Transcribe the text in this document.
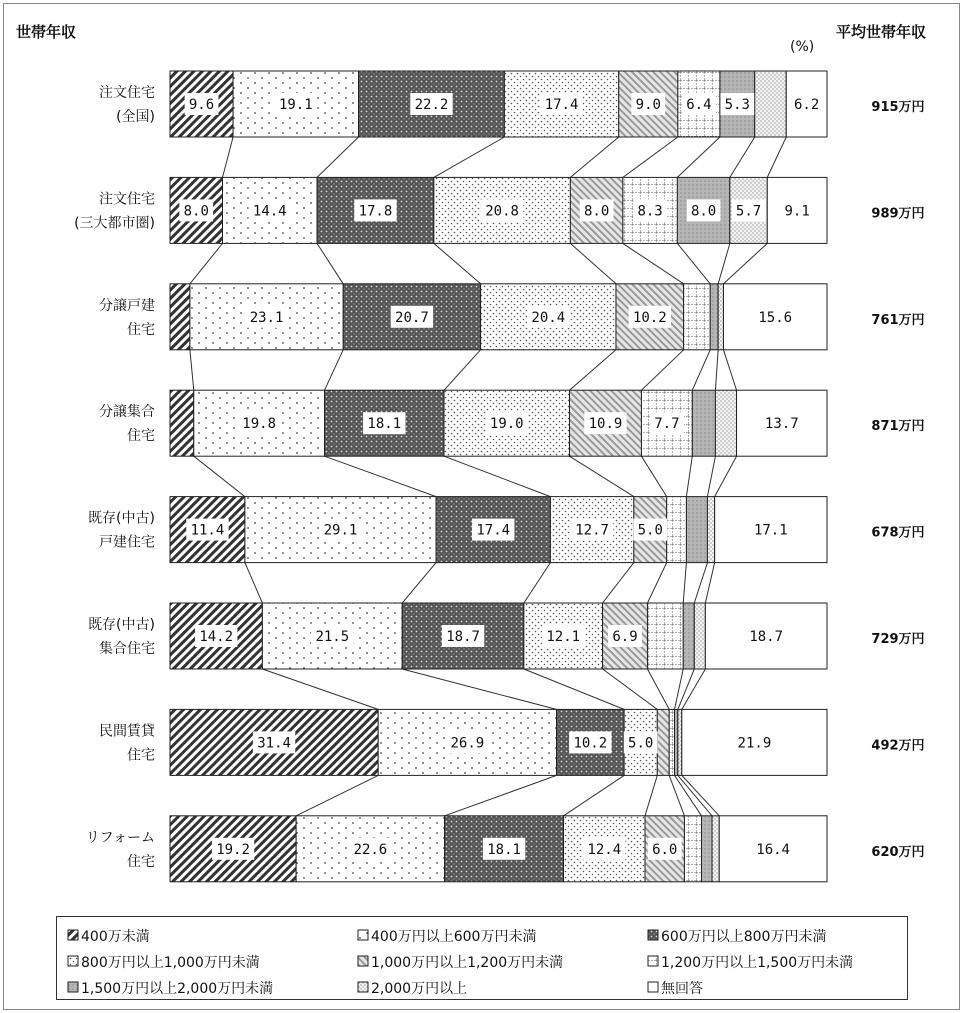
世帯年収
(%)
平均世帯年収
注文住宅
(全国)
注文住宅
(三大都市圏)
分譲戸建
住宅
分譲集合
住宅
既存(中古)
戸建住宅
既存(中古)
集合住宅
民間賃貸
住宅
リフォーム
住宅
9.6	19.1	22.2	17.4	9.0 6.4 5.3	6.2
8.0	14.4	17.8	20.8	8.0 8.3 8.0 5.7 9.1
23.1	20.7	20.4	10.2	15.6
19.8	18.1	19.0	10.9 7.7	13.7
11.4	29.1	17.4	12.7 5.0	17.1
14.2	21.5	18.7	12.1 6.9	18.7
31.4	26.9	10.2 5.0	21.9
19.2	22.6	18.1	12.4 6.0	16.4
915万円
989万円
761万円
871万円
678万円
729万円
492万円
620万円
400万未満	400万円以上600万円未満	600万円以上800万円未満
800万円以上1,000万円未満	1,000万円以上1,200万円未満	1,200万円以上1,500万円未満
1,500万円以上2,000万円未満	2,000万円以上	無回答
